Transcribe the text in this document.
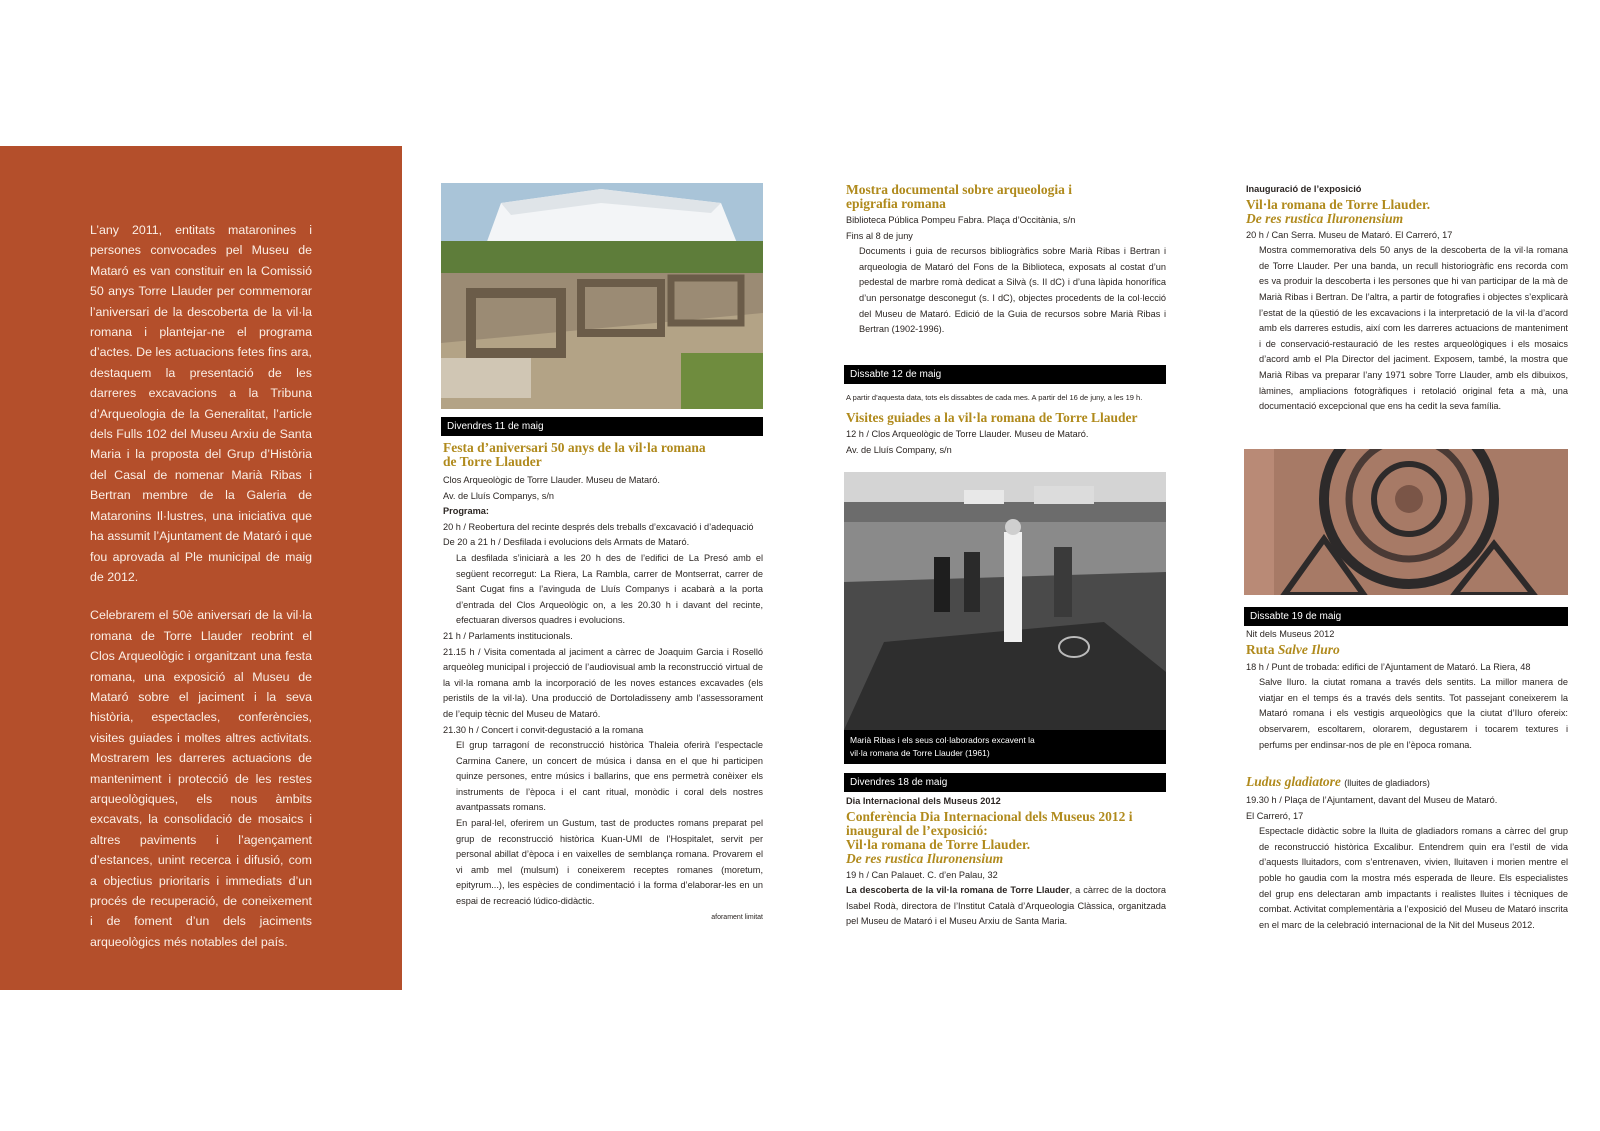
L’any 2011, entitats mataronines i persones convocades pel Museu de Mataró es van constituir en la Comissió 50 anys Torre Llauder per commemorar l’aniversari de la descoberta de la vil·la romana i plantejar-ne el programa d’actes. De les actuacions fetes fins ara, destaquem la presentació de les darreres excavacions a la Tribuna d’Arqueologia de la Generalitat, l’article dels Fulls 102 del Museu Arxiu de Santa Maria i la proposta del Grup d’Història del Casal de nomenar Marià Ribas i Bertran membre de la Galeria de Mataronins Il·lustres, una iniciativa que ha assumit l’Ajuntament de Mataró i que fou aprovada al Ple municipal de maig de 2012.

Celebrarem el 50è aniversari de la vil·la romana de Torre Llauder reobrint el Clos Arqueològic i organitzant una festa romana, una exposició al Museu de Mataró sobre el jaciment i la seva història, espectacles, conferències, visites guiades i moltes altres activitats. Mostrarem les darreres actuacions de manteniment i protecció de les restes arqueològiques, els nous àmbits excavats, la consolidació de mosaics i altres paviments i l’agençament d’estances, unint recerca i difusió, com a objectius prioritaris i immediats d’un procés de recuperació, de coneixement i de foment d’un dels jaciments arqueològics més notables del país.

Divendres 11 de maig

Festa d’aniversari 50 anys de la vil·la romana

de Torre Llauder

Clos Arqueològic de Torre Llauder. Museu de Mataró.

Av. de Lluís Companys, s/n

Programa:

20 h / Reobertura del recinte després dels treballs d’excavació i d’adequació

De 20 a 21 h / Desfilada i evolucions dels Armats de Mataró.

La desfilada s’iniciarà a les 20 h des de l’edifici de La Presó amb el següent recorregut: La Riera, La Rambla, carrer de Montserrat, carrer de Sant Cugat fins a l’avinguda de Lluís Companys i acabarà a la porta d’entrada del Clos Arqueològic on, a les 20.30 h i davant del recinte, efectuaran diversos quadres i evolucions.

21 h / Parlaments institucionals.

21.15 h / Visita comentada al jaciment a càrrec de Joaquim Garcia i Roselló arqueòleg municipal i projecció de l’audiovisual amb la reconstrucció virtual de la vil·la romana amb la incorporació de les noves estances excavades (els peristils de la vil·la). Una producció de Dortoladisseny amb l’assessorament de l’equip tècnic del Museu de Mataró.

21.30 h / Concert i convit-degustació a la romana

El grup tarragoní de reconstrucció històrica Thaleia oferirà l’espectacle Carmina Canere, un concert de música i dansa en el que hi participen quinze persones, entre músics i ballarins, que ens permetrà conèixer els instruments de l’època i el cant ritual, monòdic i coral dels nostres avantpassats romans.

En paral·lel, oferirem un Gustum, tast de productes romans preparat pel grup de reconstrucció històrica Kuan-UMI de l’Hospitalet, servit per personal abillat d’època i en vaixelles de semblança romana. Provarem el vi amb mel (mulsum) i coneixerem receptes romanes (moretum, epityrum...), les espècies de condimentació i la forma d’elaborar-les en un espai de recreació lúdico-didàctic.

aforament limitat

Mostra documental sobre arqueologia i

epigrafia romana

Biblioteca Pública Pompeu Fabra. Plaça d’Occitània, s/n

Fins al 8 de juny

Documents i guia de recursos bibliogràfics sobre Marià Ribas i Bertran i arqueologia de Mataró del Fons de la Biblioteca, exposats al costat d’un pedestal de marbre romà dedicat a Silvà (s. II dC) i d’una làpida honorífica d’un personatge desconegut (s. I dC), objectes procedents de la col·lecció del Museu de Mataró. Edició de la Guia de recursos sobre Marià Ribas i Bertran (1902-1996).

Dissabte 12 de maig

A partir d’aquesta data, tots els dissabtes de cada mes. A partir del 16 de juny, a les 19 h.

Visites guiades a la vil·la romana de Torre Llauder

12 h / Clos Arqueològic de Torre Llauder. Museu de Mataró.

Av. de Lluís Company, s/n

Marià Ribas i els seus col·laboradors excavent la
vil·la romana de Torre Llauder (1961)
Divendres 18 de maig

Dia Internacional dels Museus 2012

Conferència Dia Internacional dels Museus 2012 i

inaugural de l’exposició:

Vil·la romana de Torre Llauder.

De res rustica Iluronensium

19 h / Can Palauet. C. d’en Palau, 32

La descoberta de la vil·la romana de Torre Llauder, a càrrec de la doctora Isabel Rodà, directora de l’Institut Català d’Arqueologia Clàssica, organitzada pel Museu de Mataró i el Museu Arxiu de Santa Maria.

Inauguració de l’exposició

Vil·la romana de Torre Llauder.

De res rustica Iluronensium

20 h / Can Serra. Museu de Mataró. El Carreró, 17

Mostra commemorativa dels 50 anys de la descoberta de la vil·la romana de Torre Llauder. Per una banda, un recull historiogràfic ens recorda com es va produir la descoberta i les persones que hi van participar de la mà de Marià Ribas i Bertran. De l’altra, a partir de fotografies i objectes s’explicarà l’estat de la qüestió de les excavacions i la interpretació de la vil·la d’acord amb els darreres estudis, així com les darreres actuacions de manteniment i de conservació-restauració de les restes arqueològiques i els mosaics d’acord amb el Pla Director del jaciment. Exposem, també, la mostra que Marià Ribas va preparar l’any 1971 sobre Torre Llauder, amb els dibuixos, làmines, ampliacions fotogràfiques i retolació original feta a mà, una documentació excepcional que ens ha cedit la seva família.

Dissabte 19 de maig

Nit dels Museus 2012

Ruta Salve Iluro

18 h / Punt de trobada: edifici de l’Ajuntament de Mataró. La Riera, 48

Salve Iluro. la ciutat romana a través dels sentits. La millor manera de viatjar en el temps és a través dels sentits. Tot passejant coneixerem la Mataró romana i els vestigis arqueològics que la ciutat d’Iluro ofereix: observarem, escoltarem, olorarem, degustarem i tocarem textures i perfums per endinsar-nos de ple en l’època romana.

Ludus gladiatore (lluites de gladiadors)

19.30 h / Plaça de l’Ajuntament, davant del Museu de Mataró.

El Carreró, 17

Espectacle didàctic sobre la lluita de gladiadors romans a càrrec del grup de reconstrucció històrica Excalibur. Entendrem quin era l’estil de vida d’aquests lluitadors, com s’entrenaven, vivien, lluitaven i morien mentre el poble ho gaudia com la mostra més esperada de lleure. Els especialistes del grup ens delectaran amb impactants i realistes lluites i tècniques de combat. Activitat complementària a l’exposició del Museu de Mataró inscrita en el marc de la celebració internacional de la Nit del Museus 2012.
